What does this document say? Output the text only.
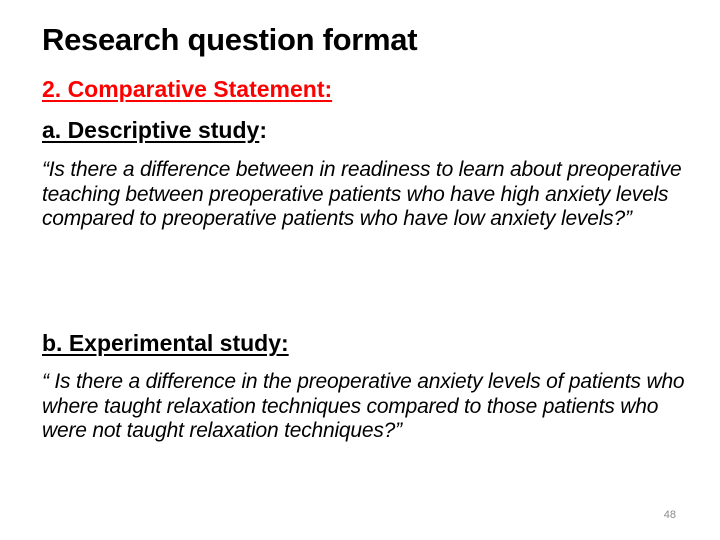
Research question format
2. Comparative Statement:
a. Descriptive study:
“Is there a difference between in readiness to learn about preoperative teaching between preoperative patients who have high anxiety levels compared to preoperative patients who have low anxiety levels?”
b. Experimental study:
“ Is there a difference in the preoperative anxiety levels of patients who where taught relaxation techniques compared to those patients who were not taught relaxation techniques?”
48
